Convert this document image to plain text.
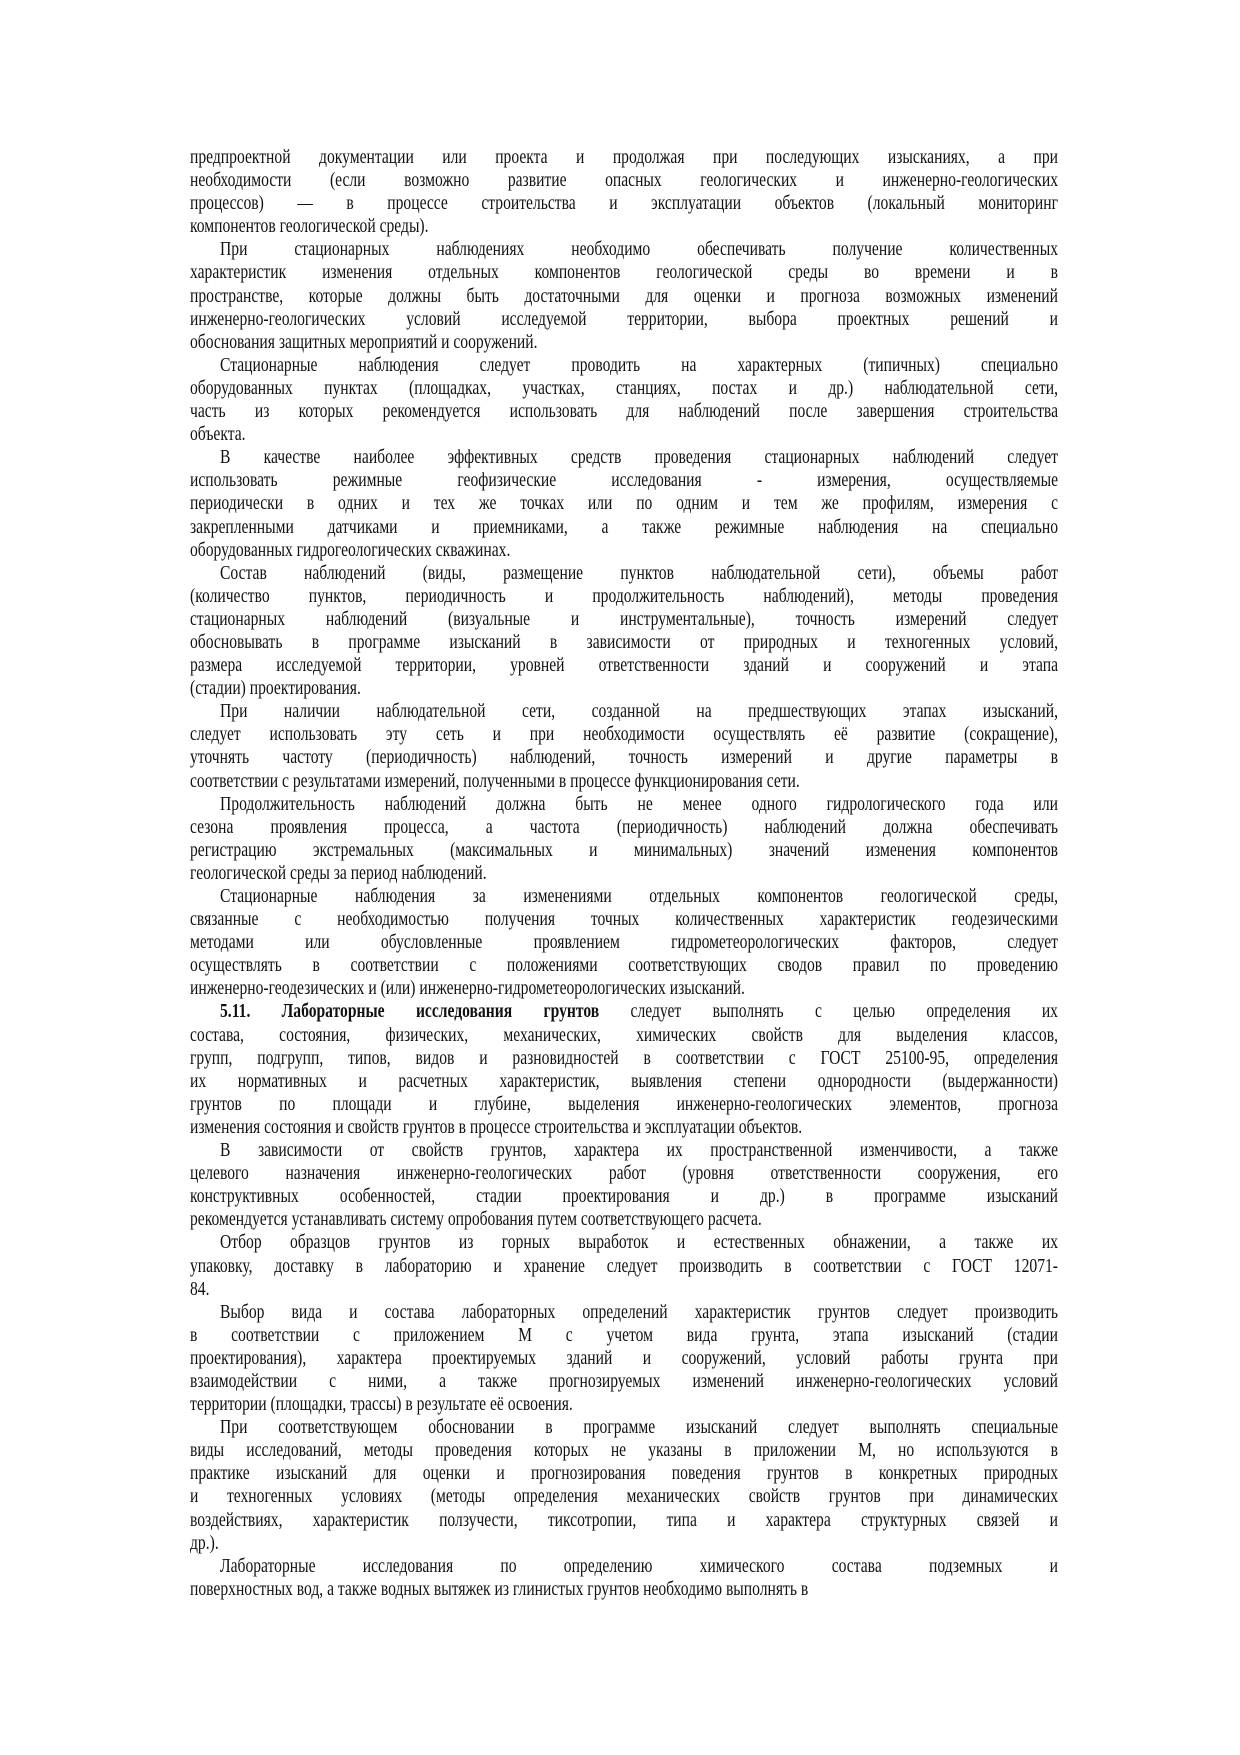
предпроектной документации или проекта и продолжая при последующих изысканиях, а при
необходимости (если возможно развитие опасных геологических и инженерно-геологических
процессов) — в процессе строительства и эксплуатации объектов (локальный мониторинг
компонентов геологической среды).
При стационарных наблюдениях необходимо обеспечивать получение количественных
характеристик изменения отдельных компонентов геологической среды во времени и в
пространстве, которые должны быть достаточными для оценки и прогноза возможных изменений
инженерно-геологических условий исследуемой территории, выбора проектных решений и
обоснования защитных мероприятий и сооружений.
Стационарные наблюдения следует проводить на характерных (типичных) специально
оборудованных пунктах (площадках, участках, станциях, постах и др.) наблюдательной сети,
часть из которых рекомендуется использовать для наблюдений после завершения строительства
объекта.
В качестве наиболее эффективных средств проведения стационарных наблюдений следует
использовать режимные геофизические исследования - измерения, осуществляемые
периодически в одних и тех же точках или по одним и тем же профилям, измерения с
закрепленными датчиками и приемниками, а также режимные наблюдения на специально
оборудованных гидрогеологических скважинах.
Состав наблюдений (виды, размещение пунктов наблюдательной сети), объемы работ
(количество пунктов, периодичность и продолжительность наблюдений), методы проведения
стационарных наблюдений (визуальные и инструментальные), точность измерений следует
обосновывать в программе изысканий в зависимости от природных и техногенных условий,
размера исследуемой территории, уровней ответственности зданий и сооружений и этапа
(стадии) проектирования.
При наличии наблюдательной сети, созданной на предшествующих этапах изысканий,
следует использовать эту сеть и при необходимости осуществлять её развитие (сокращение),
уточнять частоту (периодичность) наблюдений, точность измерений и другие параметры в
соответствии с результатами измерений, полученными в процессе функционирования сети.
Продолжительность наблюдений должна быть не менее одного гидрологического года или
сезона проявления процесса, а частота (периодичность) наблюдений должна обеспечивать
регистрацию экстремальных (максимальных и минимальных) значений изменения компонентов
геологической среды за период наблюдений.
Стационарные наблюдения за изменениями отдельных компонентов геологической среды,
связанные с необходимостью получения точных количественных характеристик геодезическими
методами или обусловленные проявлением гидрометеорологических факторов, следует
осуществлять в соответствии с положениями соответствующих сводов правил по проведению
инженерно-геодезических и (или) инженерно-гидрометеорологических изысканий.
5.11. Лабораторные исследования грунтов следует выполнять с целью определения их
состава, состояния, физических, механических, химических свойств для выделения классов,
групп, подгрупп, типов, видов и разновидностей в соответствии с ГОСТ 25100-95, определения
их нормативных и расчетных характеристик, выявления степени однородности (выдержанности)
грунтов по площади и глубине, выделения инженерно-геологических элементов, прогноза
изменения состояния и свойств грунтов в процессе строительства и эксплуатации объектов.
В зависимости от свойств грунтов, характера их пространственной изменчивости, а также
целевого назначения инженерно-геологических работ (уровня ответственности сооружения, его
конструктивных особенностей, стадии проектирования и др.) в программе изысканий
рекомендуется устанавливать систему опробования путем соответствующего расчета.
Отбор образцов грунтов из горных выработок и естественных обнажении, а также их
упаковку, доставку в лабораторию и хранение следует производить в соответствии с ГОСТ 12071-
84.
Выбор вида и состава лабораторных определений характеристик грунтов следует производить
в соответствии с приложением М с учетом вида грунта, этапа изысканий (стадии
проектирования), характера проектируемых зданий и сооружений, условий работы грунта при
взаимодействии с ними, а также прогнозируемых изменений инженерно-геологических условий
территории (площадки, трассы) в результате её освоения.
При соответствующем обосновании в программе изысканий следует выполнять специальные
виды исследований, методы проведения которых не указаны в приложении М, но используются в
практике изысканий для оценки и прогнозирования поведения грунтов в конкретных природных
и техногенных условиях (методы определения механических свойств грунтов при динамических
воздействиях, характеристик ползучести, тиксотропии, типа и характера структурных связей и
др.).
Лабораторные исследования по определению химического состава подземных и
поверхностных вод, а также водных вытяжек из глинистых грунтов необходимо выполнять в
